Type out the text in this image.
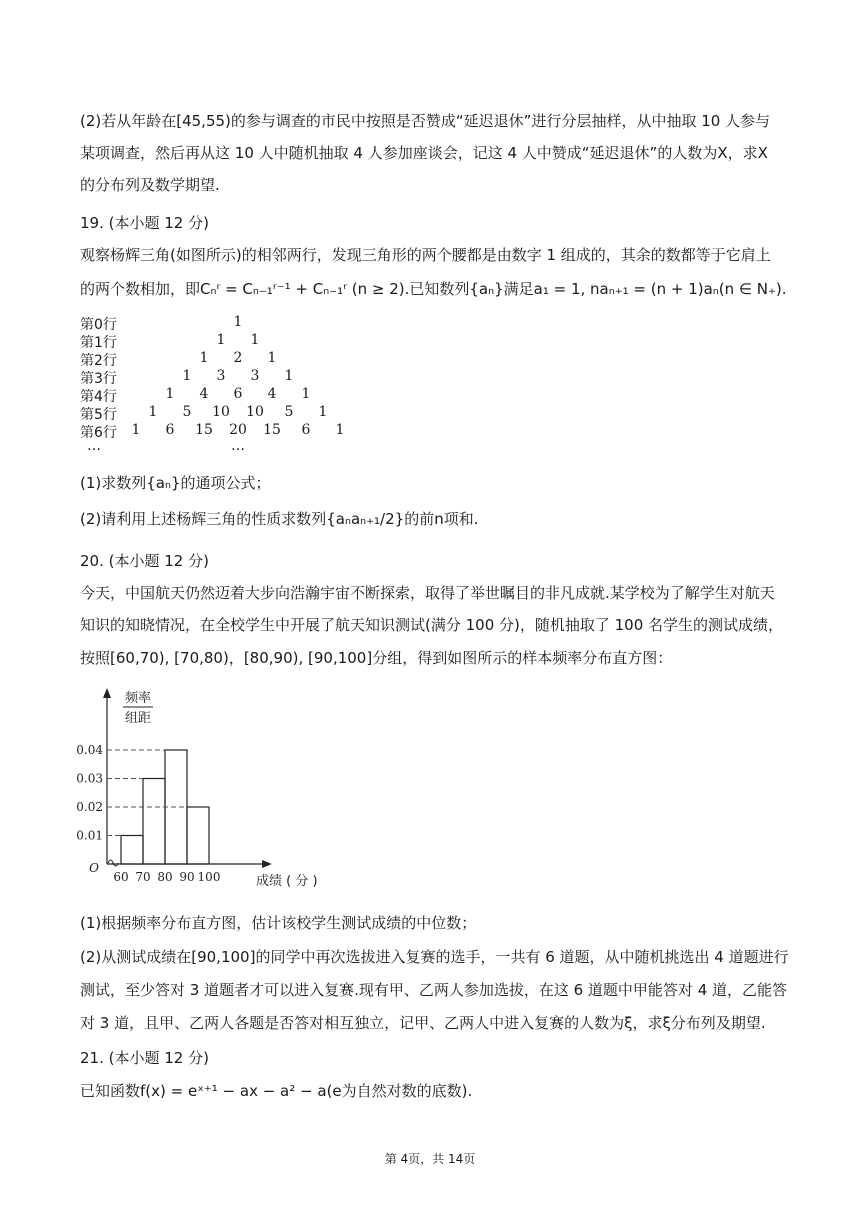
(2)若从年龄在[45,55)的参与调查的市民中按照是否赞成“延迟退休”进行分层抽样，从中抽取 10 人参与
某项调查，然后再从这 10 人中随机抽取 4 人参加座谈会，记这 4 人中赞成“延迟退休”的人数为X，求X
的分布列及数学期望.
19. (本小题 12 分)
观察杨辉三角(如图所示)的相邻两行，发现三角形的两个腰都是由数字 1 组成的，其余的数都等于它肩上
的两个数相加，即Cₙʳ = Cₙ₋₁ʳ⁻¹ + Cₙ₋₁ʳ (n ≥ 2).已知数列{aₙ}满足a₁ = 1, naₙ₊₁ = (n + 1)aₙ(n ∈ N₊).
第0行	1
第1行	1 1
第2行	1 2 1
第3行	1 3 3 1
第4行	1 4 6 4 1
第5行 1 5 10 10 5 1
第6行 1 6 15 20 15 6 1
…	…
(1)求数列{aₙ}的通项公式；
(2)请利用上述杨辉三角的性质求数列{aₙaₙ₊₁/2}的前n项和.
20. (本小题 12 分)
今天，中国航天仍然迈着大步向浩瀚宇宙不断探索，取得了举世瞩目的非凡成就.某学校为了解学生对航天
知识的知晓情况，在全校学生中开展了航天知识测试(满分 100 分)，随机抽取了 100 名学生的测试成绩，
按照[60,70), [70,80)，[80,90), [90,100]分组，得到如图所示的样本频率分布直方图：
0.01
0.02
0.03
0.04
60 70 80 90 100
O
频率
组距
成绩 ( 分 )
(1)根据频率分布直方图，估计该校学生测试成绩的中位数；
(2)从测试成绩在[90,100]的同学中再次选拔进入复赛的选手，一共有 6 道题，从中随机挑选出 4 道题进行
测试，至少答对 3 道题者才可以进入复赛.现有甲、乙两人参加选拔，在这 6 道题中甲能答对 4 道，乙能答
对 3 道，且甲、乙两人各题是否答对相互独立，记甲、乙两人中进入复赛的人数为ξ，求ξ分布列及期望.
21. (本小题 12 分)
已知函数f(x) = eˣ⁺¹ − ax − a² − a(e为自然对数的底数).
第 4页，共 14页
